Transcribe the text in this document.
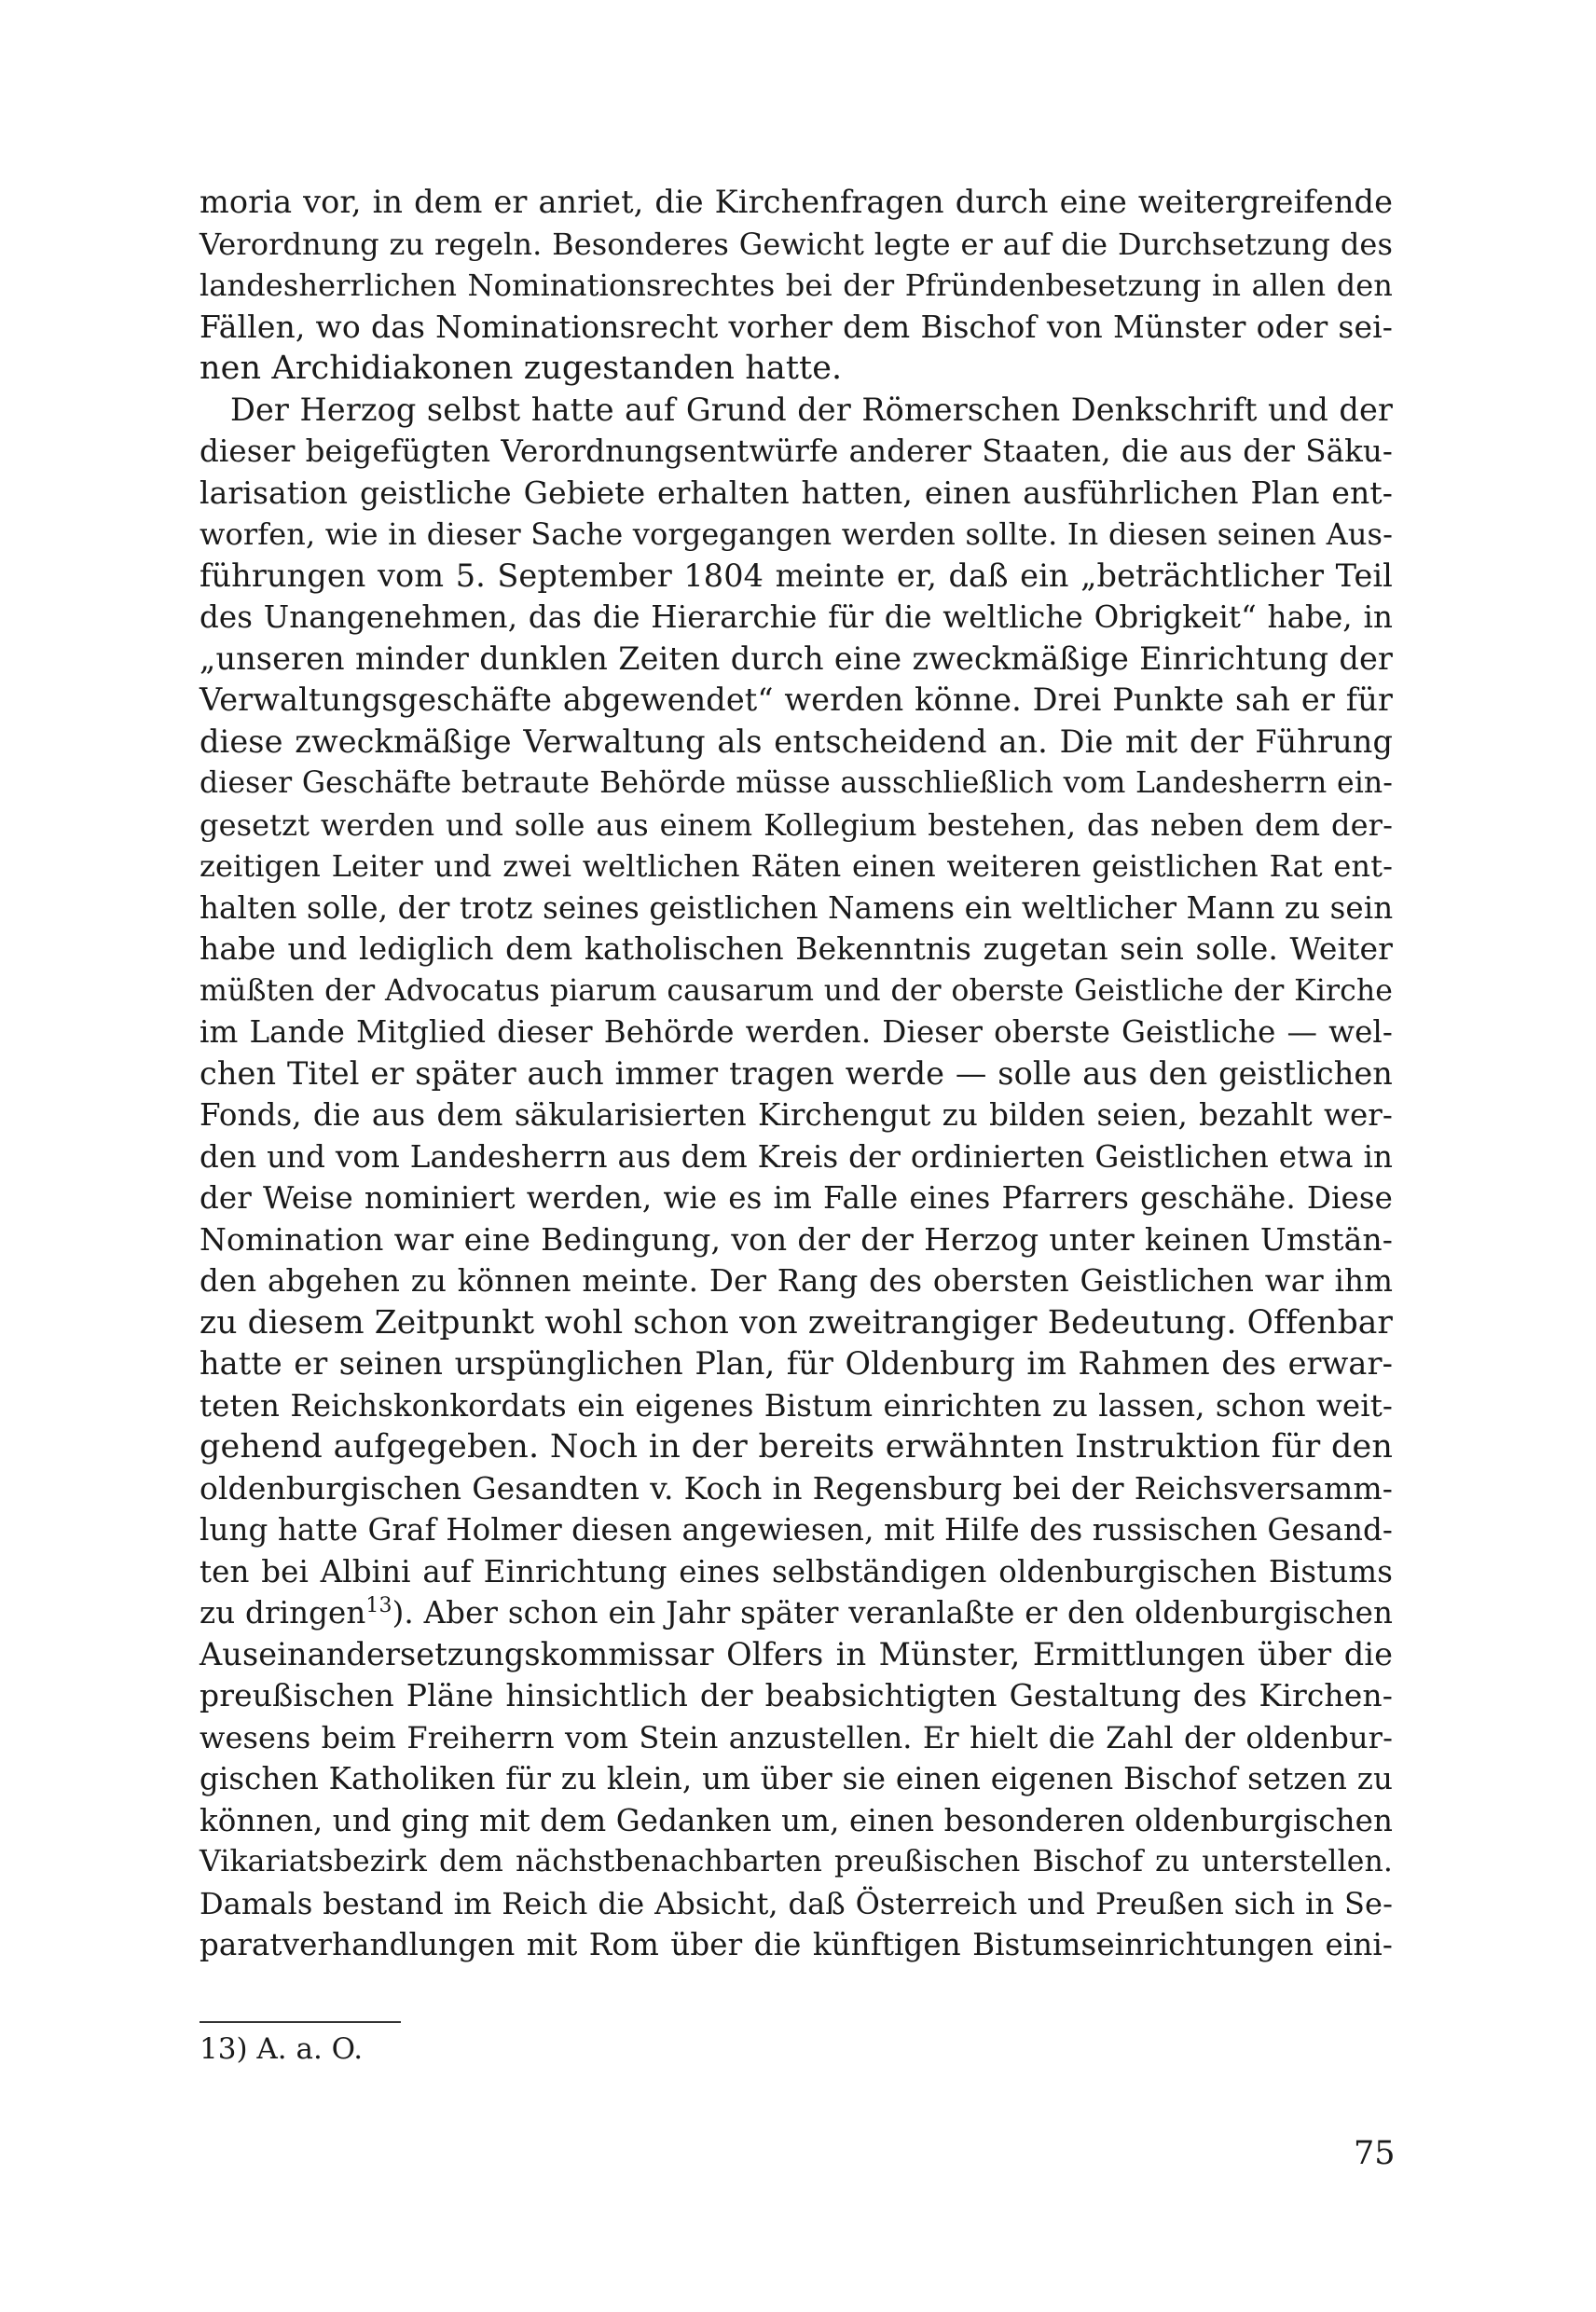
moria vor, in dem er anriet, die Kirchenfragen durch eine weitergreifende
Verordnung zu regeln. Besonderes Gewicht legte er auf die Durchsetzung des
landesherrlichen Nominationsrechtes bei der Pfründenbesetzung in allen den
Fällen, wo das Nominationsrecht vorher dem Bischof von Münster oder sei-
nen Archidiakonen zugestanden hatte.
Der Herzog selbst hatte auf Grund der Römerschen Denkschrift und der
dieser beigefügten Verordnungsentwürfe anderer Staaten, die aus der Säku-
larisation geistliche Gebiete erhalten hatten, einen ausführlichen Plan ent-
worfen, wie in dieser Sache vorgegangen werden sollte. In diesen seinen Aus-
führungen vom 5. September 1804 meinte er, daß ein „beträchtlicher Teil
des Unangenehmen, das die Hierarchie für die weltliche Obrigkeit“ habe, in
„unseren minder dunklen Zeiten durch eine zweckmäßige Einrichtung der
Verwaltungsgeschäfte abgewendet“ werden könne. Drei Punkte sah er für
diese zweckmäßige Verwaltung als entscheidend an. Die mit der Führung
dieser Geschäfte betraute Behörde müsse ausschließlich vom Landesherrn ein-
gesetzt werden und solle aus einem Kollegium bestehen, das neben dem der-
zeitigen Leiter und zwei weltlichen Räten einen weiteren geistlichen Rat ent-
halten solle, der trotz seines geistlichen Namens ein weltlicher Mann zu sein
habe und lediglich dem katholischen Bekenntnis zugetan sein solle. Weiter
müßten der Advocatus piarum causarum und der oberste Geistliche der Kirche
im Lande Mitglied dieser Behörde werden. Dieser oberste Geistliche — wel-
chen Titel er später auch immer tragen werde — solle aus den geistlichen
Fonds, die aus dem säkularisierten Kirchengut zu bilden seien, bezahlt wer-
den und vom Landesherrn aus dem Kreis der ordinierten Geistlichen etwa in
der Weise nominiert werden, wie es im Falle eines Pfarrers geschähe. Diese
Nomination war eine Bedingung, von der der Herzog unter keinen Umstän-
den abgehen zu können meinte. Der Rang des obersten Geistlichen war ihm
zu diesem Zeitpunkt wohl schon von zweitrangiger Bedeutung. Offenbar
hatte er seinen urspünglichen Plan, für Oldenburg im Rahmen des erwar-
teten Reichskonkordats ein eigenes Bistum einrichten zu lassen, schon weit-
gehend aufgegeben. Noch in der bereits erwähnten Instruktion für den
oldenburgischen Gesandten v. Koch in Regensburg bei der Reichsversamm-
lung hatte Graf Holmer diesen angewiesen, mit Hilfe des russischen Gesand-
ten bei Albini auf Einrichtung eines selbständigen oldenburgischen Bistums
zu dringen$^{13}$). Aber schon ein Jahr später veranlaßte er den oldenburgischen
Auseinandersetzungskommissar Olfers in Münster, Ermittlungen über die
preußischen Pläne hinsichtlich der beabsichtigten Gestaltung des Kirchen-
wesens beim Freiherrn vom Stein anzustellen. Er hielt die Zahl der oldenbur-
gischen Katholiken für zu klein, um über sie einen eigenen Bischof setzen zu
können, und ging mit dem Gedanken um, einen besonderen oldenburgischen
Vikariatsbezirk dem nächstbenachbarten preußischen Bischof zu unterstellen.
Damals bestand im Reich die Absicht, daß Österreich und Preußen sich in Se-
paratverhandlungen mit Rom über die künftigen Bistumseinrichtungen eini-
13) A. a. O.
75
